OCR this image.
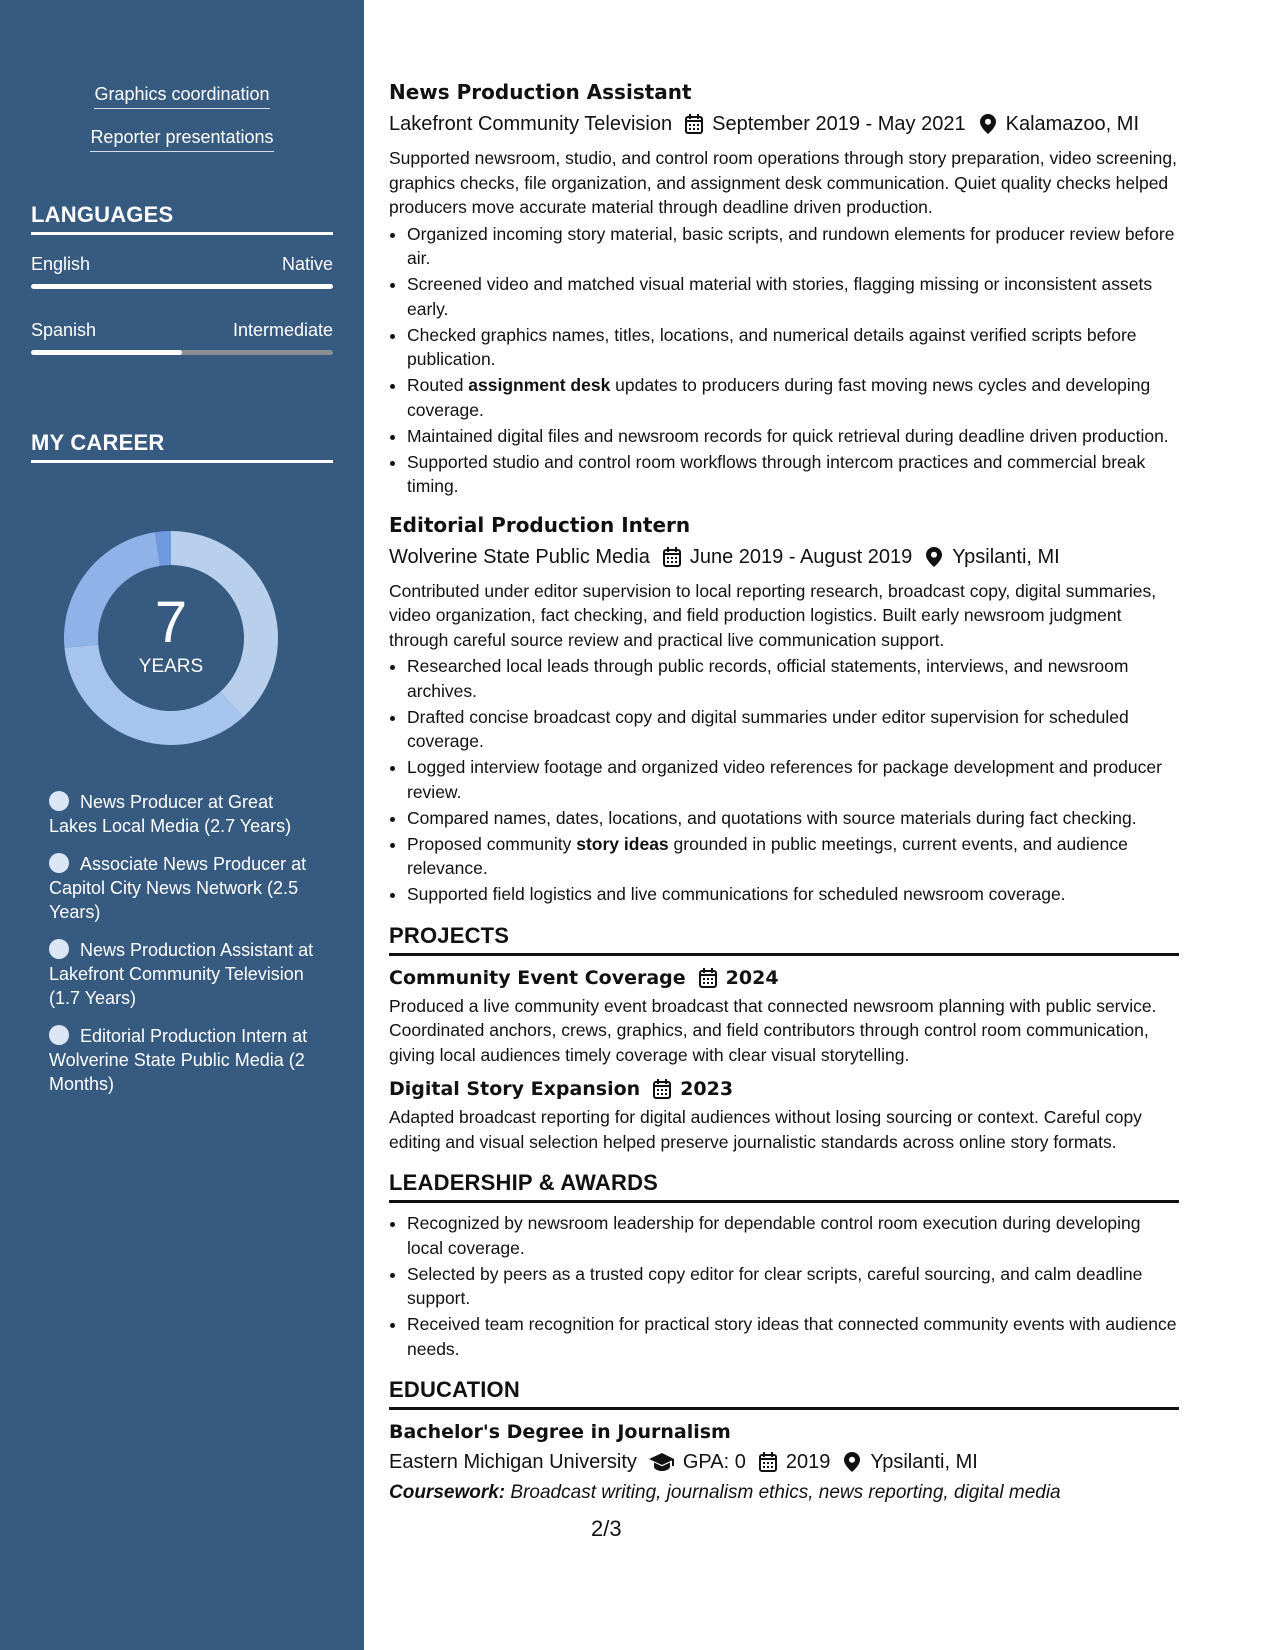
Graphics coordination
Reporter presentations
LANGUAGES
English	Native
Spanish	Intermediate
MY CAREER
7
YEARS
News Producer at Great Lakes Local Media (2.7 Years)
Associate News Producer at Capitol City News Network (2.5 Years)
News Production Assistant at Lakefront Community Television (1.7 Years)
Editorial Production Intern at Wolverine State Public Media (2 Months)
News Production Assistant
Lakefront Community Television September 2019 - May 2021 Kalamazoo, MI
Supported newsroom, studio, and control room operations through story preparation, video screening, graphics checks, file organization, and assignment desk communication. Quiet quality checks helped producers move accurate material through deadline driven production.
• Organized incoming story material, basic scripts, and rundown elements for producer review before air.
• Screened video and matched visual material with stories, flagging missing or inconsistent assets early.
• Checked graphics names, titles, locations, and numerical details against verified scripts before publication.
• Routed assignment desk updates to producers during fast moving news cycles and developing coverage.
• Maintained digital files and newsroom records for quick retrieval during deadline driven production.
• Supported studio and control room workflows through intercom practices and commercial break timing.
Editorial Production Intern
Wolverine State Public Media June 2019 - August 2019 Ypsilanti, MI
Contributed under editor supervision to local reporting research, broadcast copy, digital summaries, video organization, fact checking, and field production logistics. Built early newsroom judgment through careful source review and practical live communication support.
• Researched local leads through public records, official statements, interviews, and newsroom archives.
• Drafted concise broadcast copy and digital summaries under editor supervision for scheduled coverage.
• Logged interview footage and organized video references for package development and producer review.
• Compared names, dates, locations, and quotations with source materials during fact checking.
• Proposed community story ideas grounded in public meetings, current events, and audience relevance.
• Supported field logistics and live communications for scheduled newsroom coverage.
PROJECTS
Community Event Coverage 2024
Produced a live community event broadcast that connected newsroom planning with public service. Coordinated anchors, crews, graphics, and field contributors through control room communication, giving local audiences timely coverage with clear visual storytelling.
Digital Story Expansion 2023
Adapted broadcast reporting for digital audiences without losing sourcing or context. Careful copy editing and visual selection helped preserve journalistic standards across online story formats.
LEADERSHIP & AWARDS
• Recognized by newsroom leadership for dependable control room execution during developing local coverage.
• Selected by peers as a trusted copy editor for clear scripts, careful sourcing, and calm deadline support.
• Received team recognition for practical story ideas that connected community events with audience needs.
EDUCATION
Bachelor's Degree in Journalism
Eastern Michigan University GPA: 0 2019 Ypsilanti, MI
Coursework: Broadcast writing, journalism ethics, news reporting, digital media
2/3
